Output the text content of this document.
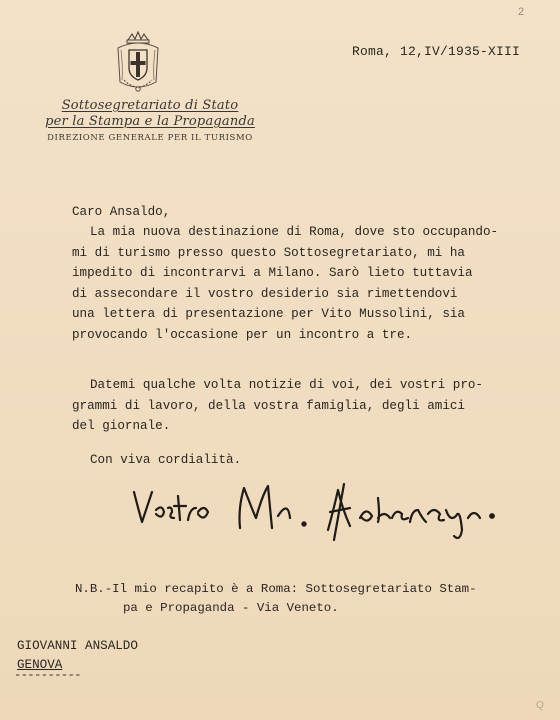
2
Sottosegretariato di Stato
per la Stampa e la Propaganda
DIREZIONE GENERALE PER IL TURISMO
Roma, 12,IV/1935-XIII
Caro Ansaldo,
La mia nuova destinazione di Roma, dove sto occupando-
mi di turismo presso questo Sottosegretariato, mi ha
impedito di incontrarvi a Milano. Sarò lieto tuttavia
di assecondare il vostro desiderio sia rimettendovi
una lettera di presentazione per Vito Mussolini, sia
provocando l'occasione per un incontro a tre.
Datemi qualche volta notizie di voi, dei vostri pro-
grammi di lavoro, della vostra famiglia, degli amici
del giornale.
Con viva cordialità.
N.B.-Il mio recapito è a Roma: Sottosegretariato Stam-
pa e Propaganda - Via Veneto.
GIOVANNI ANSALDO
GENOVA
----------
Q
